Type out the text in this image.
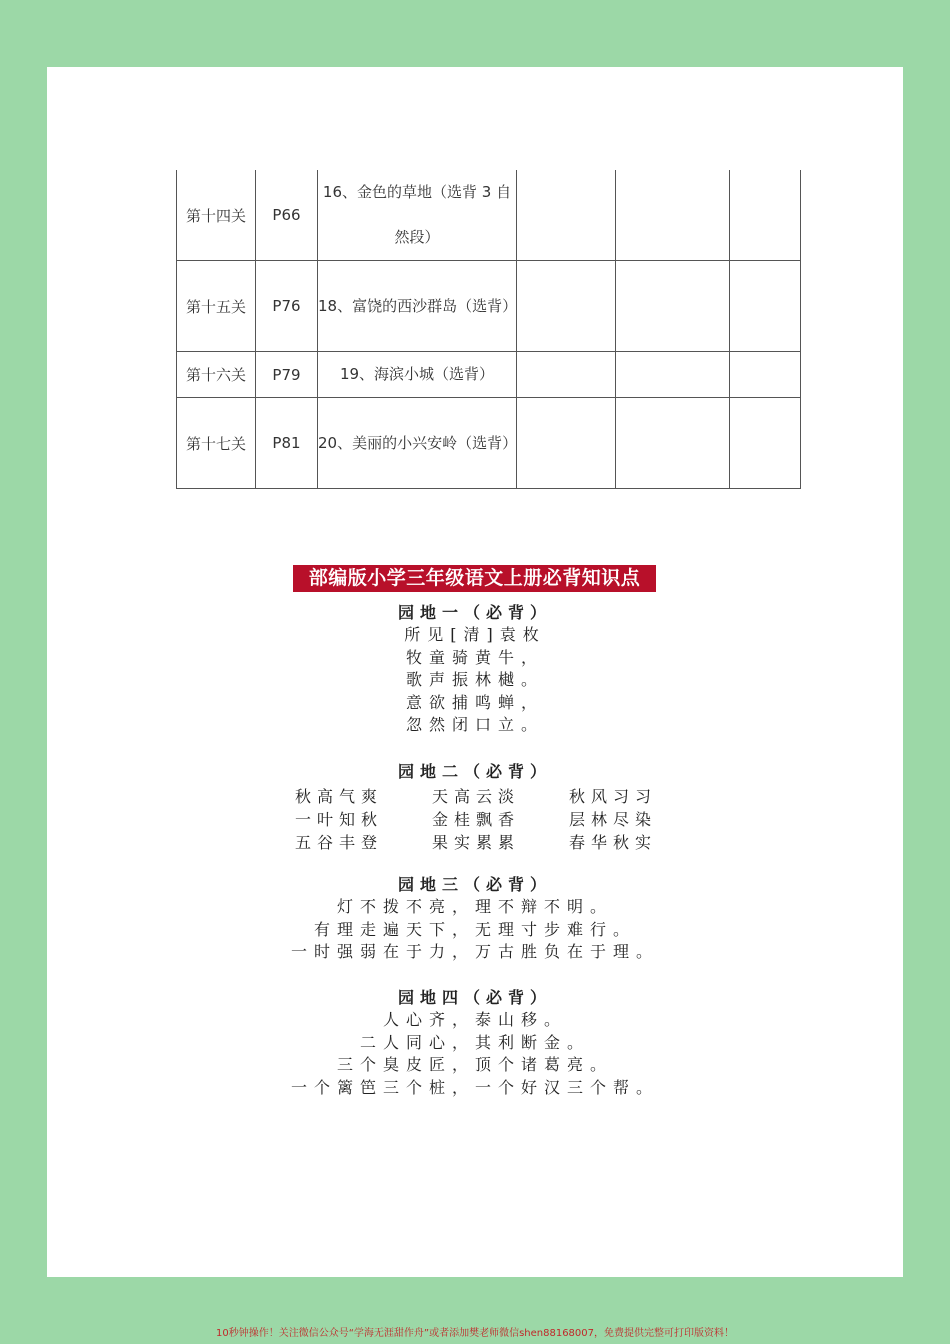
第十四关	P66	16、金色的草地（选背 3 自然段）			
第十五关	P76	18、富饶的西沙群岛（选背）			
第十六关	P79	19、海滨小城（选背）			
第十七关	P81	20、美丽的小兴安岭（选背）			
部编版小学三年级语文上册必背知识点
园地一（必背）
所见[清]袁枚
牧童骑黄牛，
歌声振林樾。
意欲捕鸣蝉，
忽然闭口立。
园地二（必背）
秋高气爽	天高云淡	秋风习习
一叶知秋	金桂飘香	层林尽染
五谷丰登	果实累累	春华秋实
园地三（必背）
灯不拨不亮，理不辩不明。
有理走遍天下，无理寸步难行。
一时强弱在于力，万古胜负在于理。
园地四（必背）
人心齐，泰山移。
二人同心，其利断金。
三个臭皮匠，顶个诸葛亮。
一个篱笆三个桩，一个好汉三个帮。
10秒钟操作！关注微信公众号“学海无涯甜作舟”或者添加樊老师微信shen88168007，免费提供完整可打印版资料！
